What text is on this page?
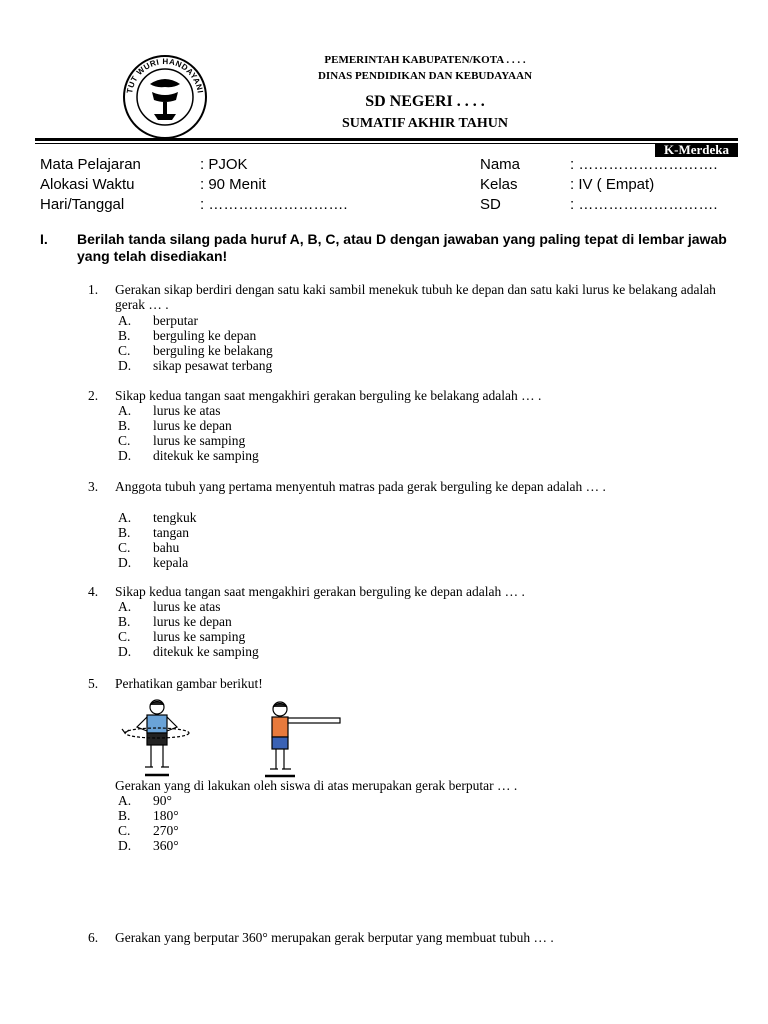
TUT WURI HANDAYANI
PEMERINTAH KABUPATEN/KOTA . . . .
DINAS PENDIDIKAN DAN KEBUDAYAAN
SD NEGERI . . . .
SUMATIF AKHIR TAHUN
K-Merdeka
Mata Pelajaran	: PJOK
Alokasi Waktu	: 90 Menit
Hari/Tanggal	: ……………………….
Nama	: ……………………….
Kelas	: IV ( Empat)
SD	: ……………………….
I. Berilah tanda silang pada huruf A, B, C, atau D dengan jawaban yang paling tepat di lembar jawab yang telah disediakan!
1. Gerakan sikap berdiri dengan satu kaki sambil menekuk tubuh ke depan dan satu kaki lurus ke belakang adalah gerak … .
A. berputar
B. berguling ke depan
C. berguling ke belakang
D. sikap pesawat terbang
2. Sikap kedua tangan saat mengakhiri gerakan berguling ke belakang adalah … .
A. lurus ke atas
B. lurus ke depan
C. lurus ke samping
D. ditekuk ke samping
3. Anggota tubuh yang pertama menyentuh matras pada gerak berguling ke depan adalah … .
A. tengkuk
B. tangan
C. bahu
D. kepala
4. Sikap kedua tangan saat mengakhiri gerakan berguling ke depan adalah … .
A. lurus ke atas
B. lurus ke depan
C. lurus ke samping
D. ditekuk ke samping
5. Perhatikan gambar berikut!
Gerakan yang di lakukan oleh siswa di atas merupakan gerak berputar … .
A. 90°
B. 180°
C. 270°
D. 360°
6. Gerakan yang berputar 360° merupakan gerak berputar yang membuat tubuh … .
